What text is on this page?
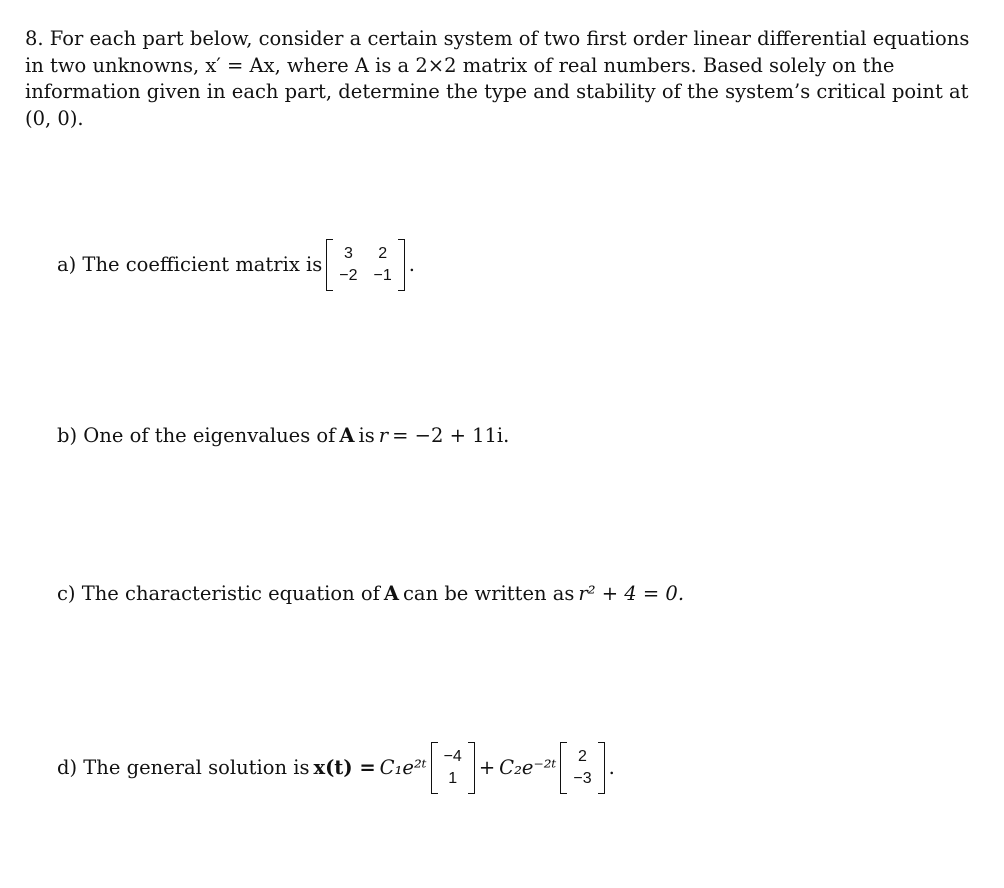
8. For each part below, consider a certain system of two first order linear differential equations in two unknowns, x′ = Ax, where A is a 2×2 matrix of real numbers. Based solely on the information given in each part, determine the type and stability of the system’s critical point at (0, 0).
a) The coefficient matrix is 3 2
−2 −1 .
b) One of the eigenvalues of A is r = −2 + 11i.
c) The characteristic equation of A can be written as r² + 4 = 0.
d) The general solution is x(t) = C₁e²ᵗ −4
1 + C₂e⁻²ᵗ 2
−3 .
